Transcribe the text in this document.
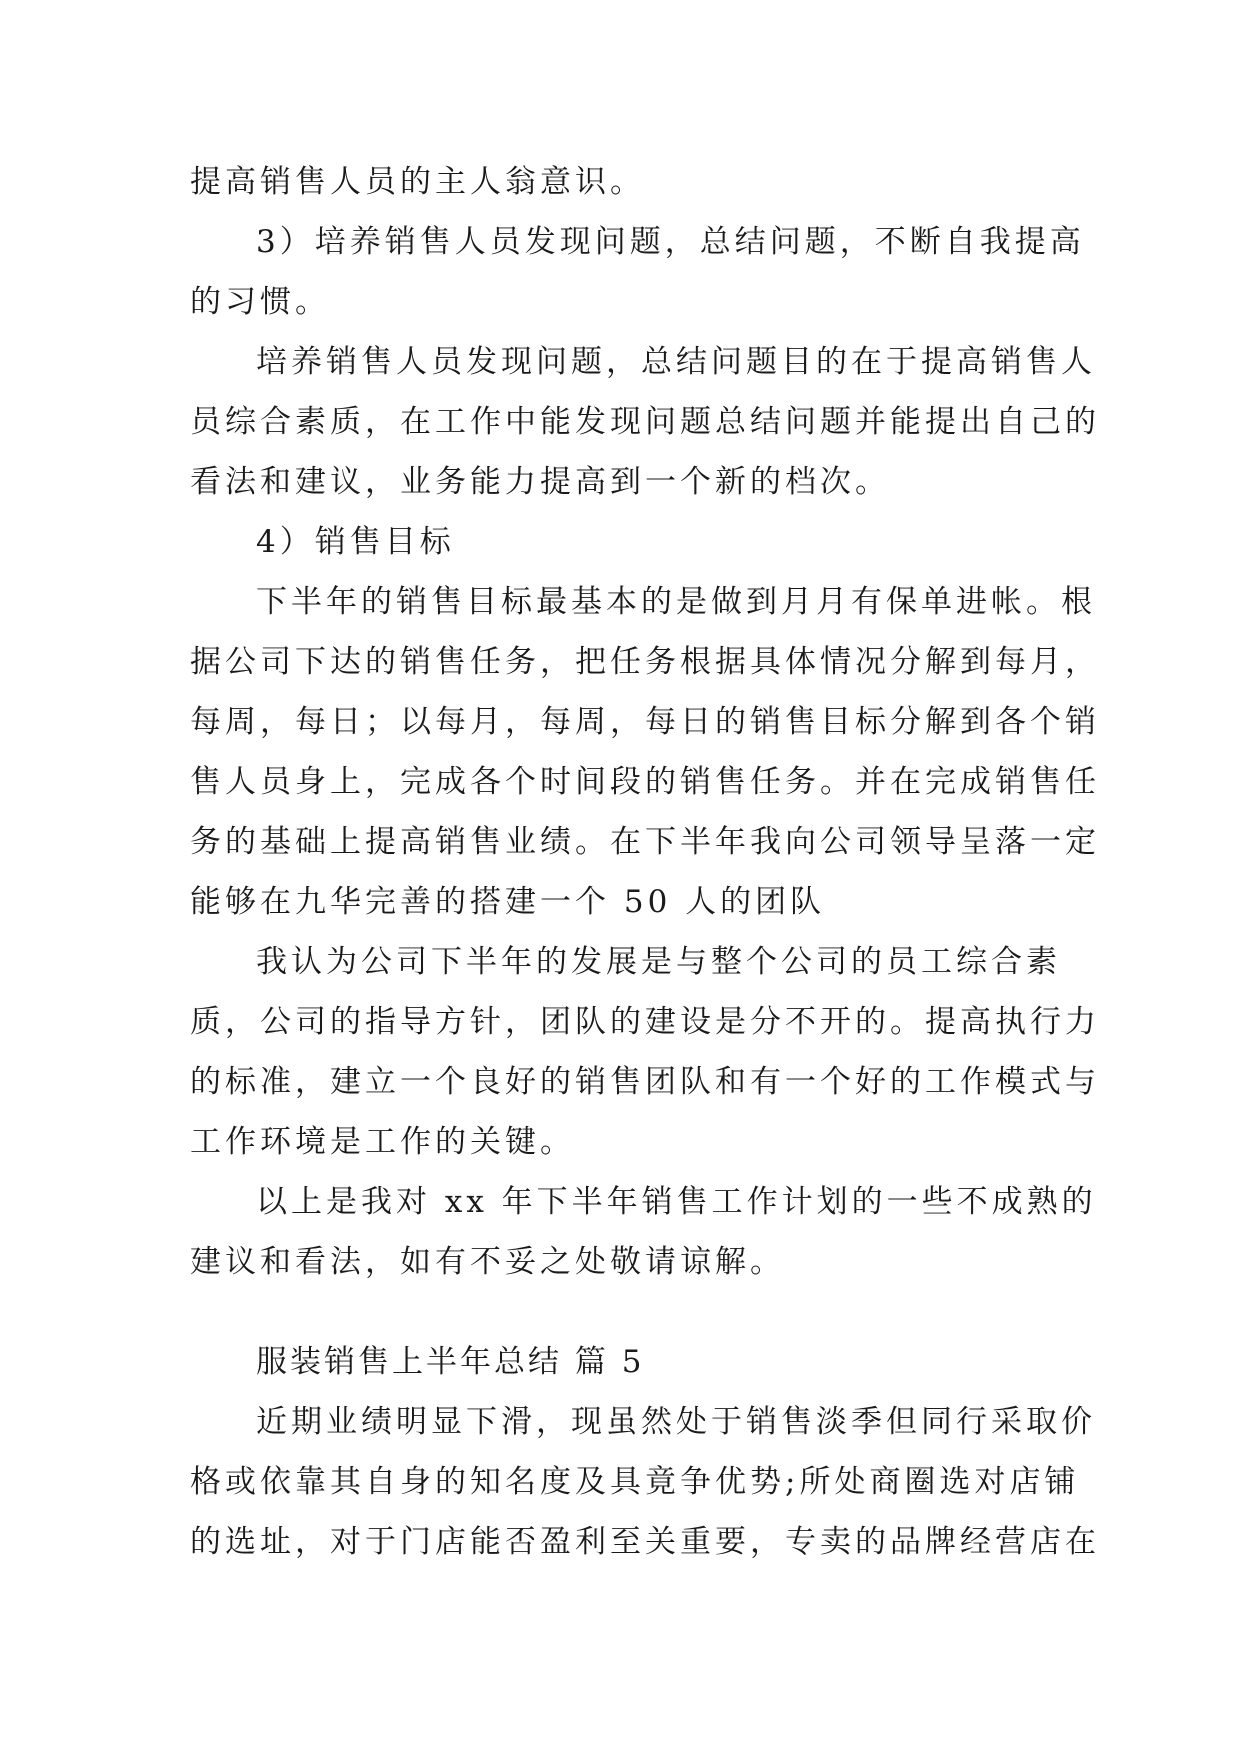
提高销售人员的主人翁意识。
3）培养销售人员发现问题，总结问题，不断自我提高
的习惯。
培养销售人员发现问题，总结问题目的在于提高销售人
员综合素质，在工作中能发现问题总结问题并能提出自己的
看法和建议，业务能力提高到一个新的档次。
4）销售目标
下半年的销售目标最基本的是做到月月有保单进帐。根
据公司下达的销售任务，把任务根据具体情况分解到每月，
每周，每日；以每月，每周，每日的销售目标分解到各个销
售人员身上，完成各个时间段的销售任务。并在完成销售任
务的基础上提高销售业绩。在下半年我向公司领导呈落一定
能够在九华完善的搭建一个 50 人的团队
我认为公司下半年的发展是与整个公司的员工综合素
质，公司的指导方针，团队的建设是分不开的。提高执行力
的标准，建立一个良好的销售团队和有一个好的工作模式与
工作环境是工作的关键。
以上是我对 xx 年下半年销售工作计划的一些不成熟的
建议和看法，如有不妥之处敬请谅解。
服装销售上半年总结 篇 5
近期业绩明显下滑，现虽然处于销售淡季但同行采取价
格或依靠其自身的知名度及具竟争优势;所处商圈选对店铺
的选址，对于门店能否盈利至关重要，专卖的品牌经营店在
